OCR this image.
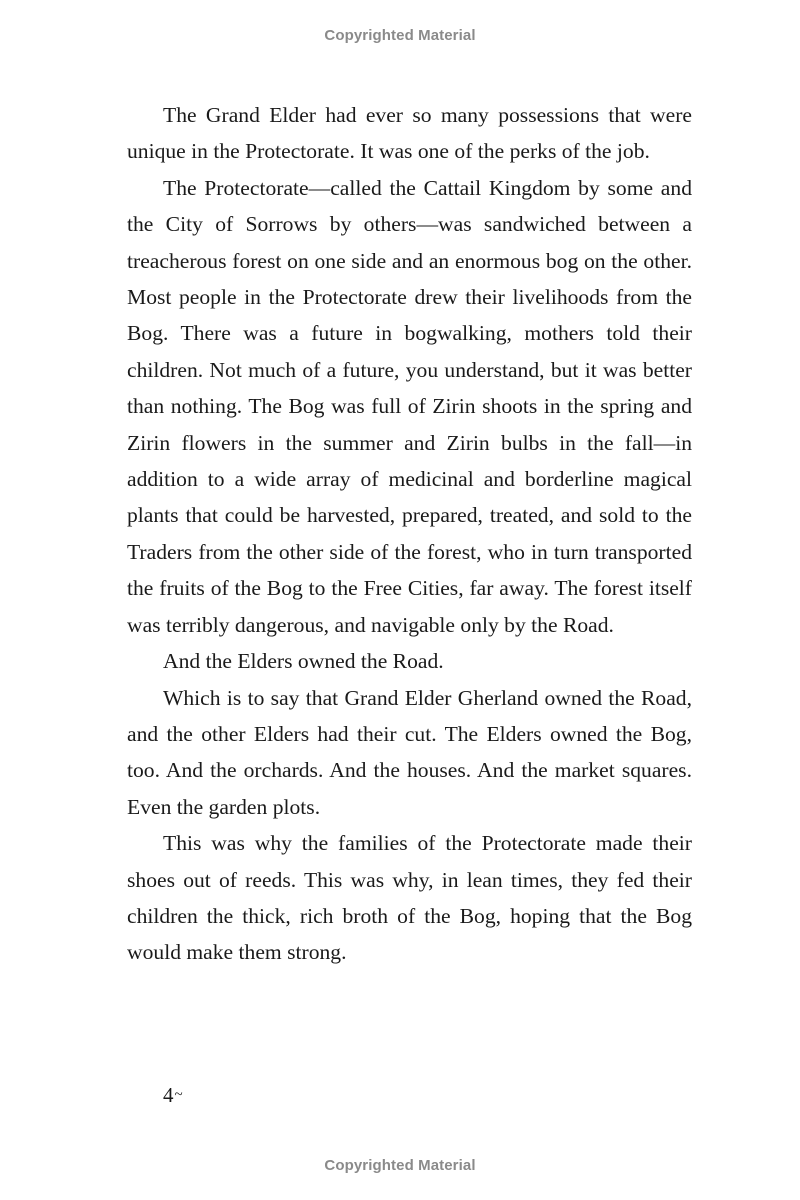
Copyrighted Material

The Grand Elder had ever so many possessions that were unique in the Protectorate. It was one of the perks of the job.

The Protectorate—called the Cattail Kingdom by some and the City of Sorrows by others—was sandwiched between a treacherous forest on one side and an enormous bog on the other. Most people in the Protectorate drew their livelihoods from the Bog. There was a future in bogwalking, mothers told their children. Not much of a future, you understand, but it was better than nothing. The Bog was full of Zirin shoots in the spring and Zirin flowers in the summer and Zirin bulbs in the fall—in addition to a wide array of medicinal and borderline magical plants that could be harvested, prepared, treated, and sold to the Traders from the other side of the forest, who in turn transported the fruits of the Bog to the Free Cities, far away. The forest itself was terribly dangerous, and navigable only by the Road.

And the Elders owned the Road.

Which is to say that Grand Elder Gherland owned the Road, and the other Elders had their cut. The Elders owned the Bog, too. And the orchards. And the houses. And the market squares. Even the garden plots.

This was why the families of the Protectorate made their shoes out of reeds. This was why, in lean times, they fed their children the thick, rich broth of the Bog, hoping that the Bog would make them strong.

4~
Copyrighted Material
